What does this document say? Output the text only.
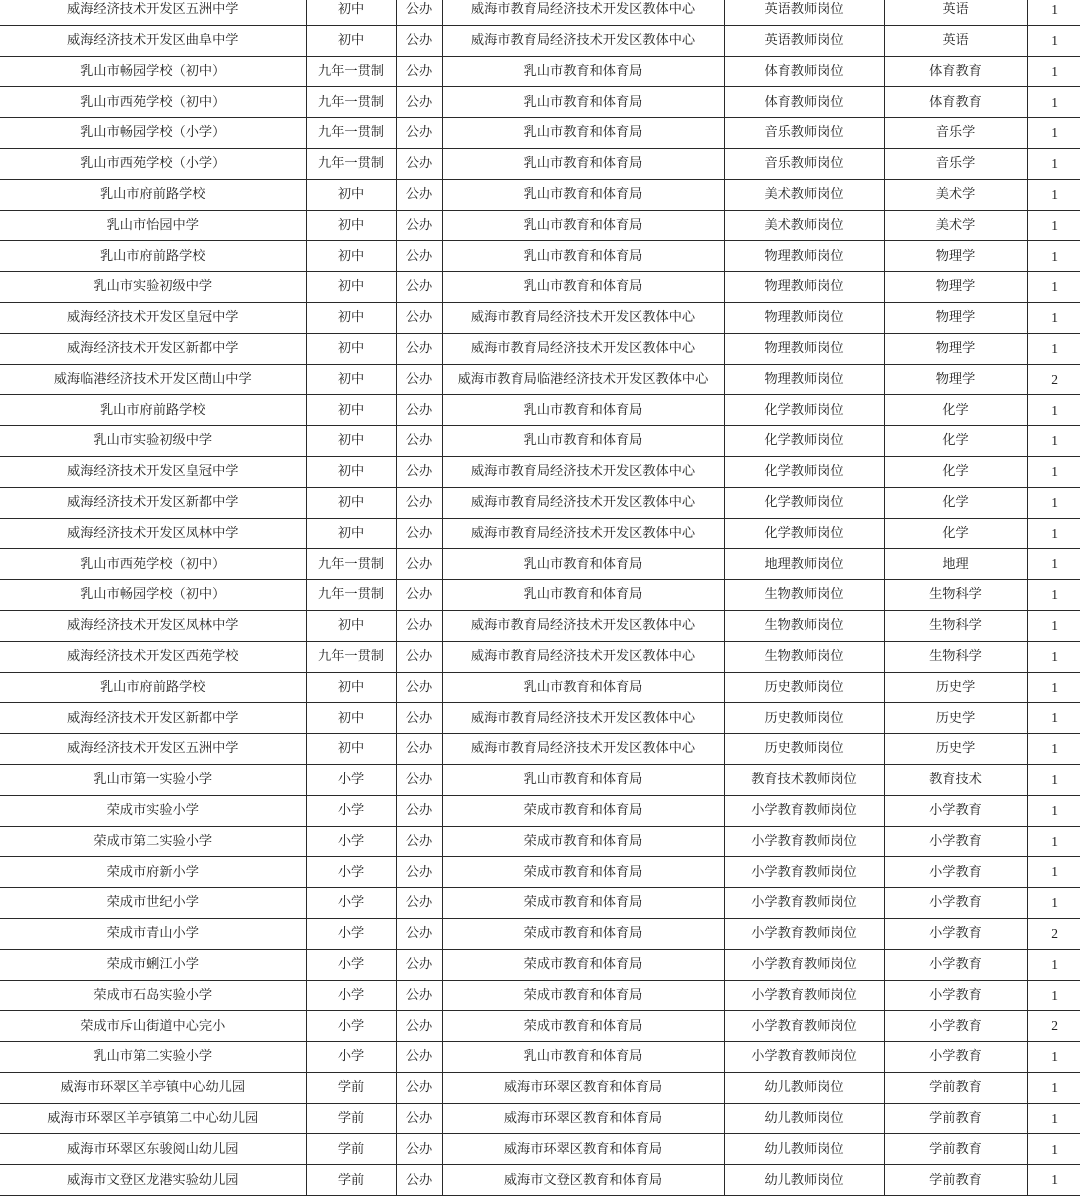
威海经济技术开发区五洲中学	初中	公办	威海市教育局经济技术开发区教体中心	英语教师岗位	英语	1
威海经济技术开发区曲阜中学	初中	公办	威海市教育局经济技术开发区教体中心	英语教师岗位	英语	1
乳山市畅园学校（初中）	九年一贯制	公办	乳山市教育和体育局	体育教师岗位	体育教育	1
乳山市西苑学校（初中）	九年一贯制	公办	乳山市教育和体育局	体育教师岗位	体育教育	1
乳山市畅园学校（小学）	九年一贯制	公办	乳山市教育和体育局	音乐教师岗位	音乐学	1
乳山市西苑学校（小学）	九年一贯制	公办	乳山市教育和体育局	音乐教师岗位	音乐学	1
乳山市府前路学校	初中	公办	乳山市教育和体育局	美术教师岗位	美术学	1
乳山市怡园中学	初中	公办	乳山市教育和体育局	美术教师岗位	美术学	1
乳山市府前路学校	初中	公办	乳山市教育和体育局	物理教师岗位	物理学	1
乳山市实验初级中学	初中	公办	乳山市教育和体育局	物理教师岗位	物理学	1
威海经济技术开发区皇冠中学	初中	公办	威海市教育局经济技术开发区教体中心	物理教师岗位	物理学	1
威海经济技术开发区新都中学	初中	公办	威海市教育局经济技术开发区教体中心	物理教师岗位	物理学	1
威海临港经济技术开发区蔄山中学	初中	公办	威海市教育局临港经济技术开发区教体中心	物理教师岗位	物理学	2
乳山市府前路学校	初中	公办	乳山市教育和体育局	化学教师岗位	化学	1
乳山市实验初级中学	初中	公办	乳山市教育和体育局	化学教师岗位	化学	1
威海经济技术开发区皇冠中学	初中	公办	威海市教育局经济技术开发区教体中心	化学教师岗位	化学	1
威海经济技术开发区新都中学	初中	公办	威海市教育局经济技术开发区教体中心	化学教师岗位	化学	1
威海经济技术开发区凤林中学	初中	公办	威海市教育局经济技术开发区教体中心	化学教师岗位	化学	1
乳山市西苑学校（初中）	九年一贯制	公办	乳山市教育和体育局	地理教师岗位	地理	1
乳山市畅园学校（初中）	九年一贯制	公办	乳山市教育和体育局	生物教师岗位	生物科学	1
威海经济技术开发区凤林中学	初中	公办	威海市教育局经济技术开发区教体中心	生物教师岗位	生物科学	1
威海经济技术开发区西苑学校	九年一贯制	公办	威海市教育局经济技术开发区教体中心	生物教师岗位	生物科学	1
乳山市府前路学校	初中	公办	乳山市教育和体育局	历史教师岗位	历史学	1
威海经济技术开发区新都中学	初中	公办	威海市教育局经济技术开发区教体中心	历史教师岗位	历史学	1
威海经济技术开发区五洲中学	初中	公办	威海市教育局经济技术开发区教体中心	历史教师岗位	历史学	1
乳山市第一实验小学	小学	公办	乳山市教育和体育局	教育技术教师岗位	教育技术	1
荣成市实验小学	小学	公办	荣成市教育和体育局	小学教育教师岗位	小学教育	1
荣成市第二实验小学	小学	公办	荣成市教育和体育局	小学教育教师岗位	小学教育	1
荣成市府新小学	小学	公办	荣成市教育和体育局	小学教育教师岗位	小学教育	1
荣成市世纪小学	小学	公办	荣成市教育和体育局	小学教育教师岗位	小学教育	1
荣成市青山小学	小学	公办	荣成市教育和体育局	小学教育教师岗位	小学教育	2
荣成市蜊江小学	小学	公办	荣成市教育和体育局	小学教育教师岗位	小学教育	1
荣成市石岛实验小学	小学	公办	荣成市教育和体育局	小学教育教师岗位	小学教育	1
荣成市斥山街道中心完小	小学	公办	荣成市教育和体育局	小学教育教师岗位	小学教育	2
乳山市第二实验小学	小学	公办	乳山市教育和体育局	小学教育教师岗位	小学教育	1
威海市环翠区羊亭镇中心幼儿园	学前	公办	威海市环翠区教育和体育局	幼儿教师岗位	学前教育	1
威海市环翠区羊亭镇第二中心幼儿园	学前	公办	威海市环翠区教育和体育局	幼儿教师岗位	学前教育	1
威海市环翠区东骏阅山幼儿园	学前	公办	威海市环翠区教育和体育局	幼儿教师岗位	学前教育	1
威海市文登区龙港实验幼儿园	学前	公办	威海市文登区教育和体育局	幼儿教师岗位	学前教育	1
